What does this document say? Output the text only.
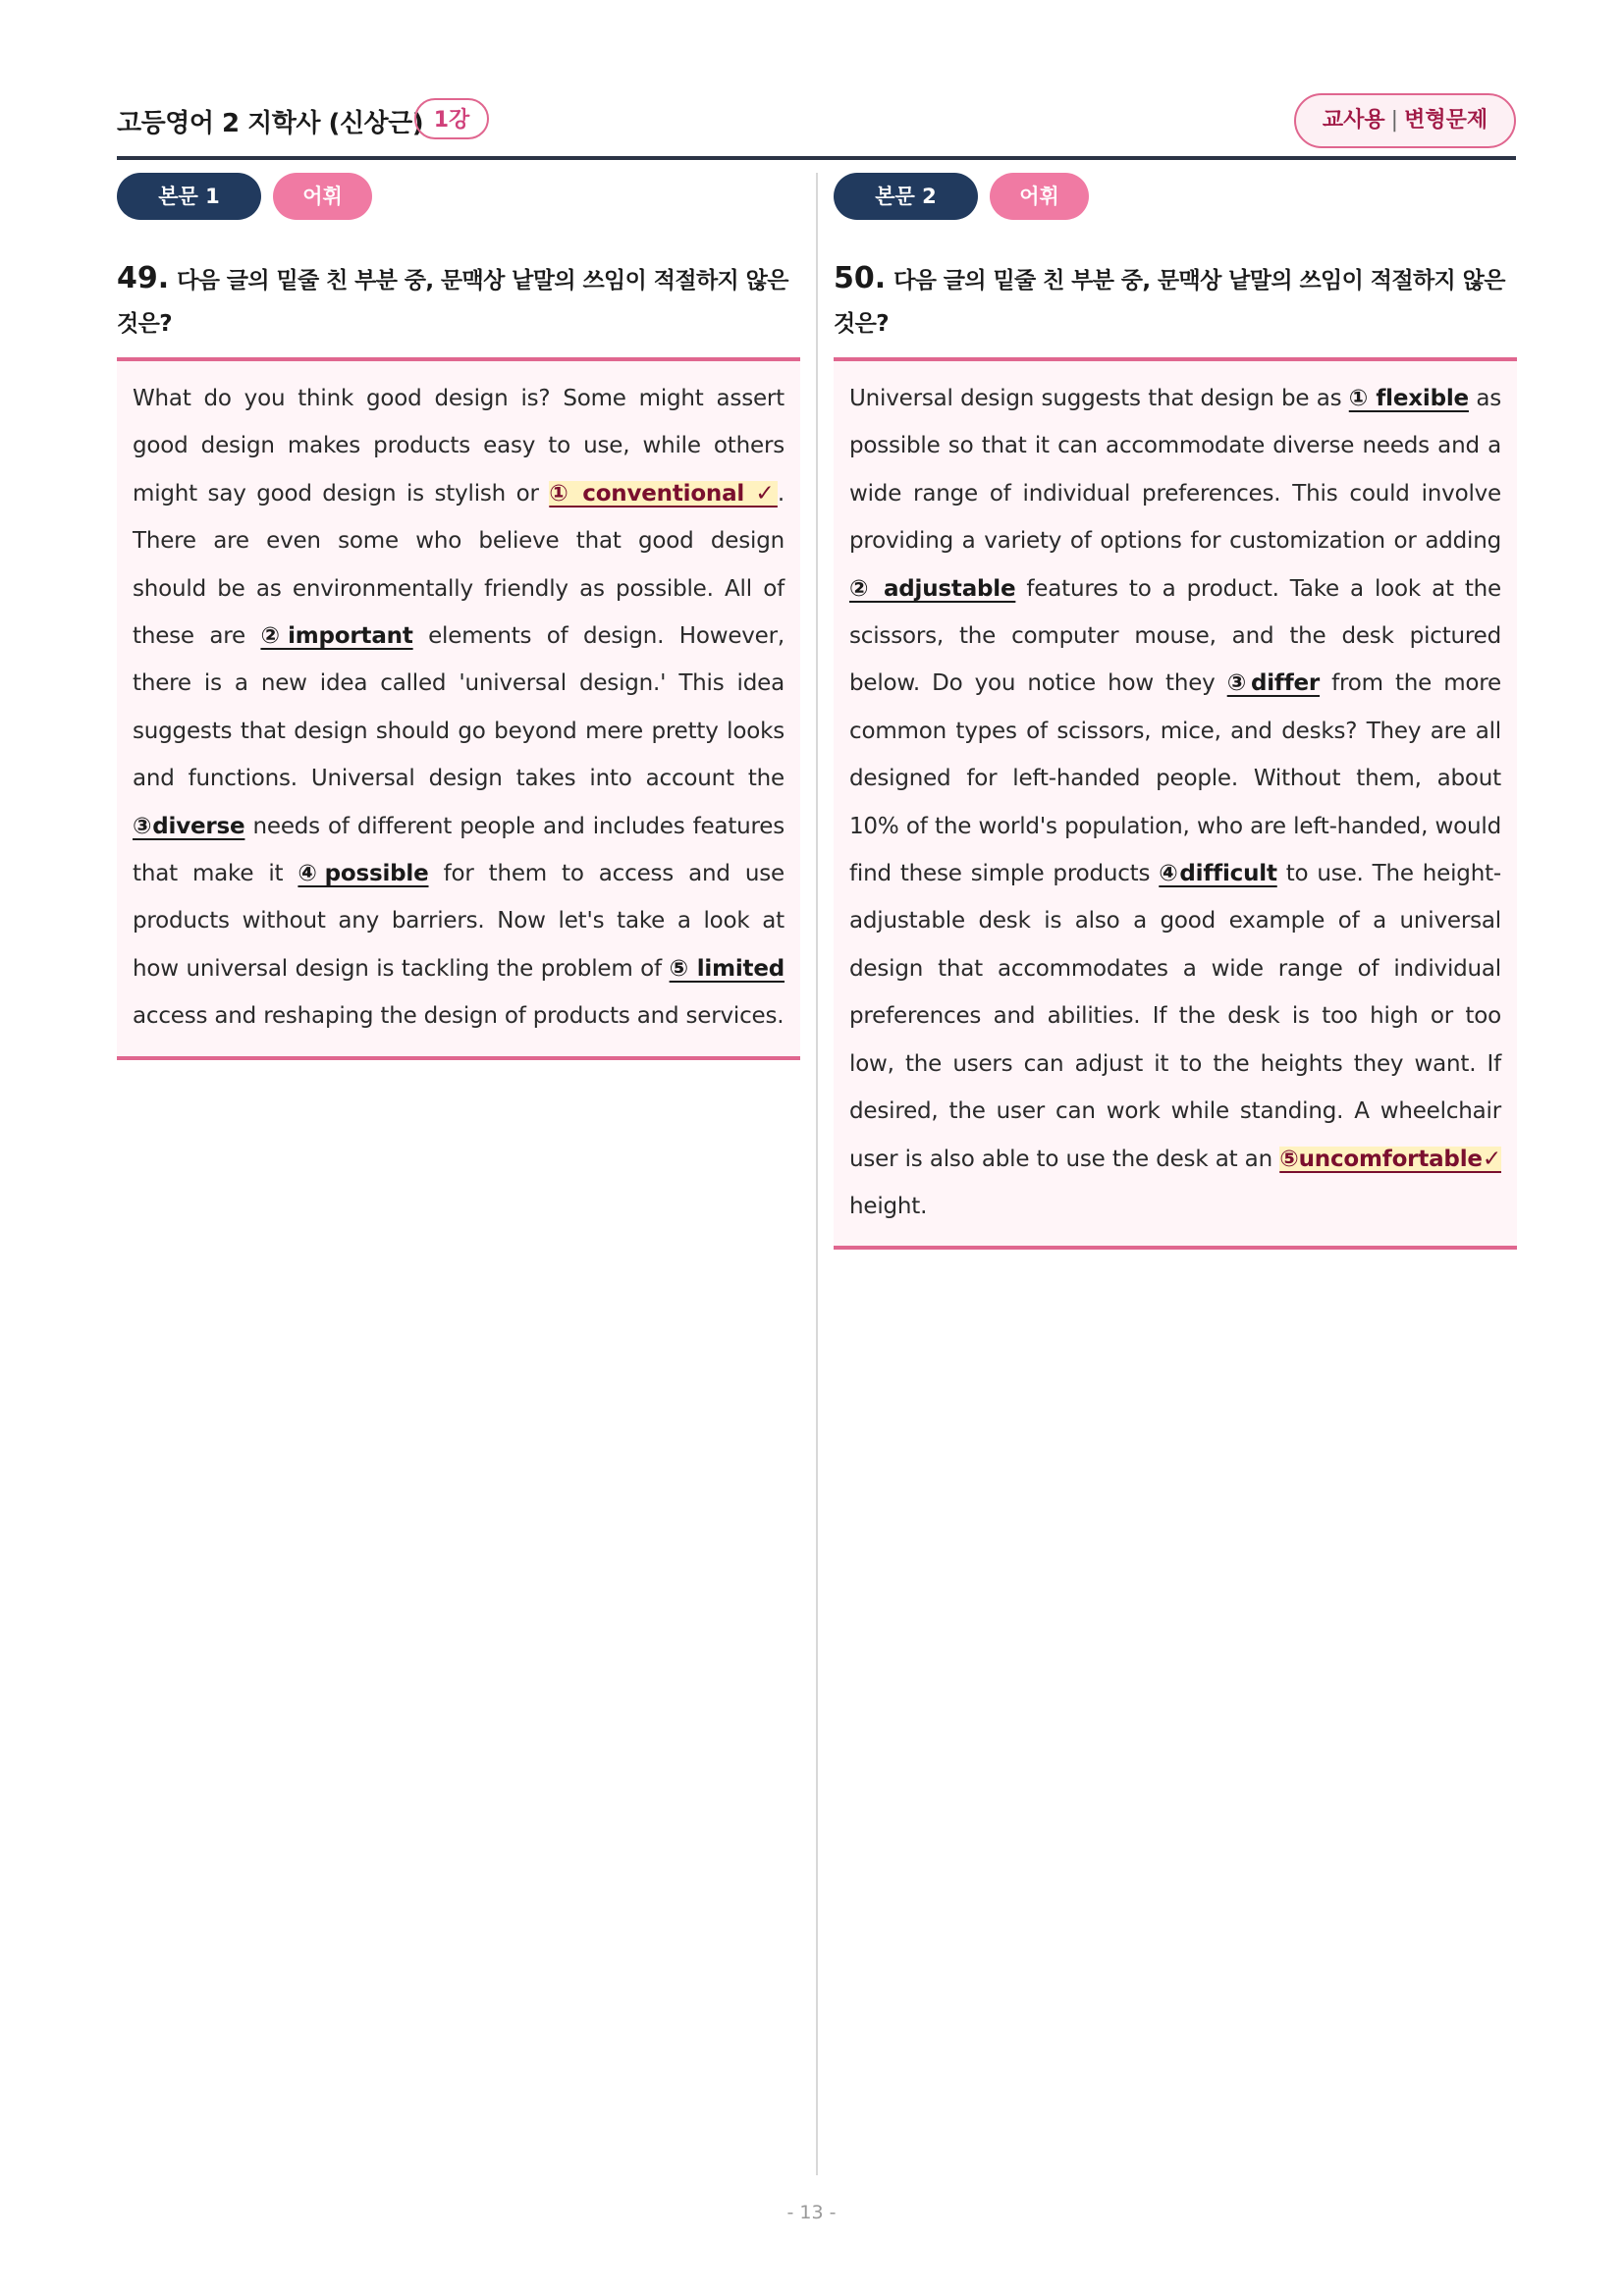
고등영어 2 지학사 (신상근) 1강	교사용 | 변형문제
본문 1	어휘
49. 다음 글의 밑줄 친 부분 중, 문맥상 낱말의 쓰임이 적절하지 않은 것은?
What do you think good design is? Some might assert good design makes products easy to use, while others might say good design is stylish or ① conventional ✓. There are even some who believe that good design should be as environmentally friendly as possible. All of these are ②important elements of design. However, there is a new idea called 'universal design.' This idea suggests that design should go beyond mere pretty looks and functions. Universal design takes into account the ③diverse needs of different people and includes features that make it ④possible for them to access and use products without any barriers. Now let's take a look at how universal design is tackling the problem of ⑤ limited access and reshaping the design of products and services.
본문 2	어휘
50. 다음 글의 밑줄 친 부분 중, 문맥상 낱말의 쓰임이 적절하지 않은 것은?
Universal design suggests that design be as ① flexible as possible so that it can accommodate diverse needs and a wide range of individual preferences. This could involve providing a variety of options for customization or adding ② adjustable features to a product. Take a look at the scissors, the computer mouse, and the desk pictured below. Do you notice how they ③differ from the more common types of scissors, mice, and desks? They are all designed for left-handed people. Without them, about 10% of the world's population, who are left-handed, would find these simple products ④difficult to use. The height-adjustable desk is also a good example of a universal design that accommodates a wide range of individual preferences and abilities. If the desk is too high or too low, the users can adjust it to the heights they want. If desired, the user can work while standing. A wheelchair user is also able to use the desk at an ⑤uncomfortable✓ height.
- 13 -
